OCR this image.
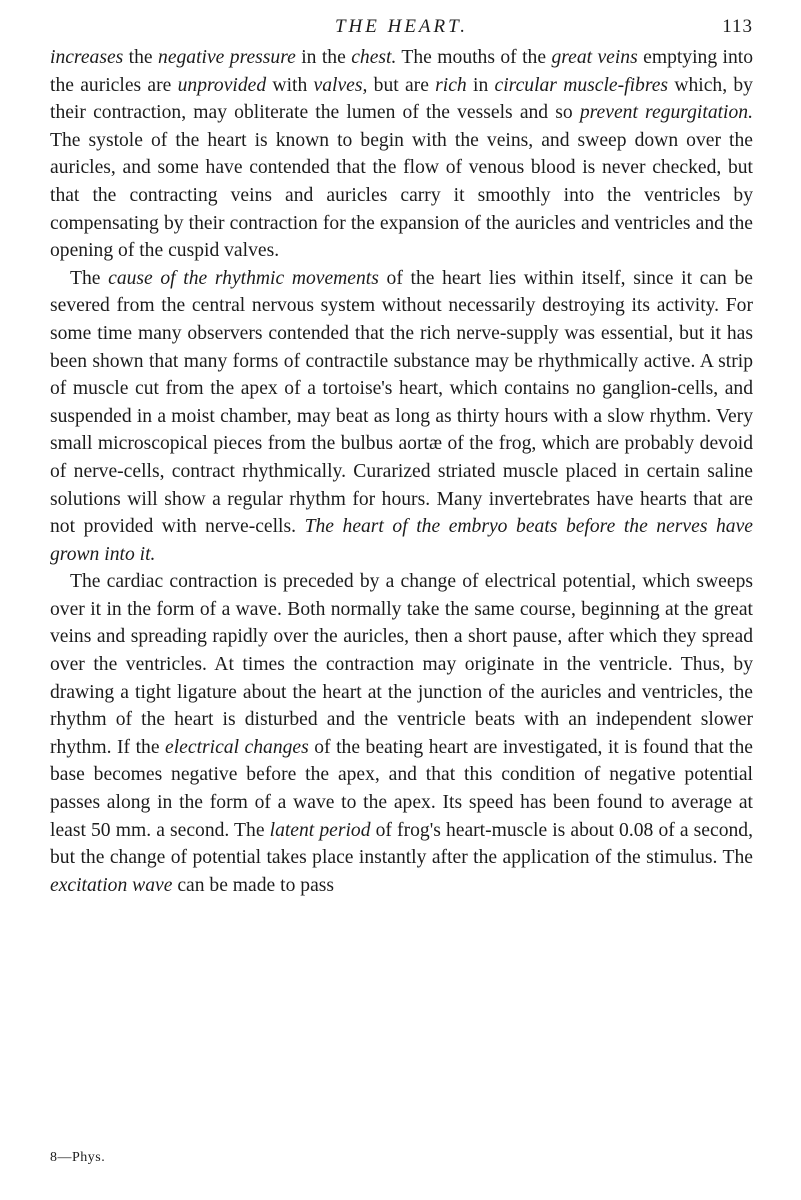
THE HEART.	113

increases the negative pressure in the chest. The mouths of the great veins emptying into the auricles are unprovided with valves, but are rich in circular muscle-fibres which, by their contraction, may obliterate the lumen of the vessels and so prevent regurgitation. The systole of the heart is known to begin with the veins, and sweep down over the auricles, and some have contended that the flow of venous blood is never checked, but that the contracting veins and auricles carry it smoothly into the ventricles by compensating by their contraction for the expansion of the auricles and ventricles and the opening of the cuspid valves.

The cause of the rhythmic movements of the heart lies within itself, since it can be severed from the central nervous system without necessarily destroying its activity. For some time many observers contended that the rich nerve-supply was essential, but it has been shown that many forms of contractile substance may be rhythmically active. A strip of muscle cut from the apex of a tortoise's heart, which contains no ganglion-cells, and suspended in a moist chamber, may beat as long as thirty hours with a slow rhythm. Very small microscopical pieces from the bulbus aortæ of the frog, which are probably devoid of nerve-cells, contract rhythmically. Curarized striated muscle placed in certain saline solutions will show a regular rhythm for hours. Many invertebrates have hearts that are not provided with nerve-cells. The heart of the embryo beats before the nerves have grown into it.

The cardiac contraction is preceded by a change of electrical potential, which sweeps over it in the form of a wave. Both normally take the same course, beginning at the great veins and spreading rapidly over the auricles, then a short pause, after which they spread over the ventricles. At times the contraction may originate in the ventricle. Thus, by drawing a tight ligature about the heart at the junction of the auricles and ventricles, the rhythm of the heart is disturbed and the ventricle beats with an independent slower rhythm. If the electrical changes of the beating heart are investigated, it is found that the base becomes negative before the apex, and that this condition of negative potential passes along in the form of a wave to the apex. Its speed has been found to average at least 50 mm. a second. The latent period of frog's heart-muscle is about 0.08 of a second, but the change of potential takes place instantly after the application of the stimulus. The excitation wave can be made to pass

8—Phys.
